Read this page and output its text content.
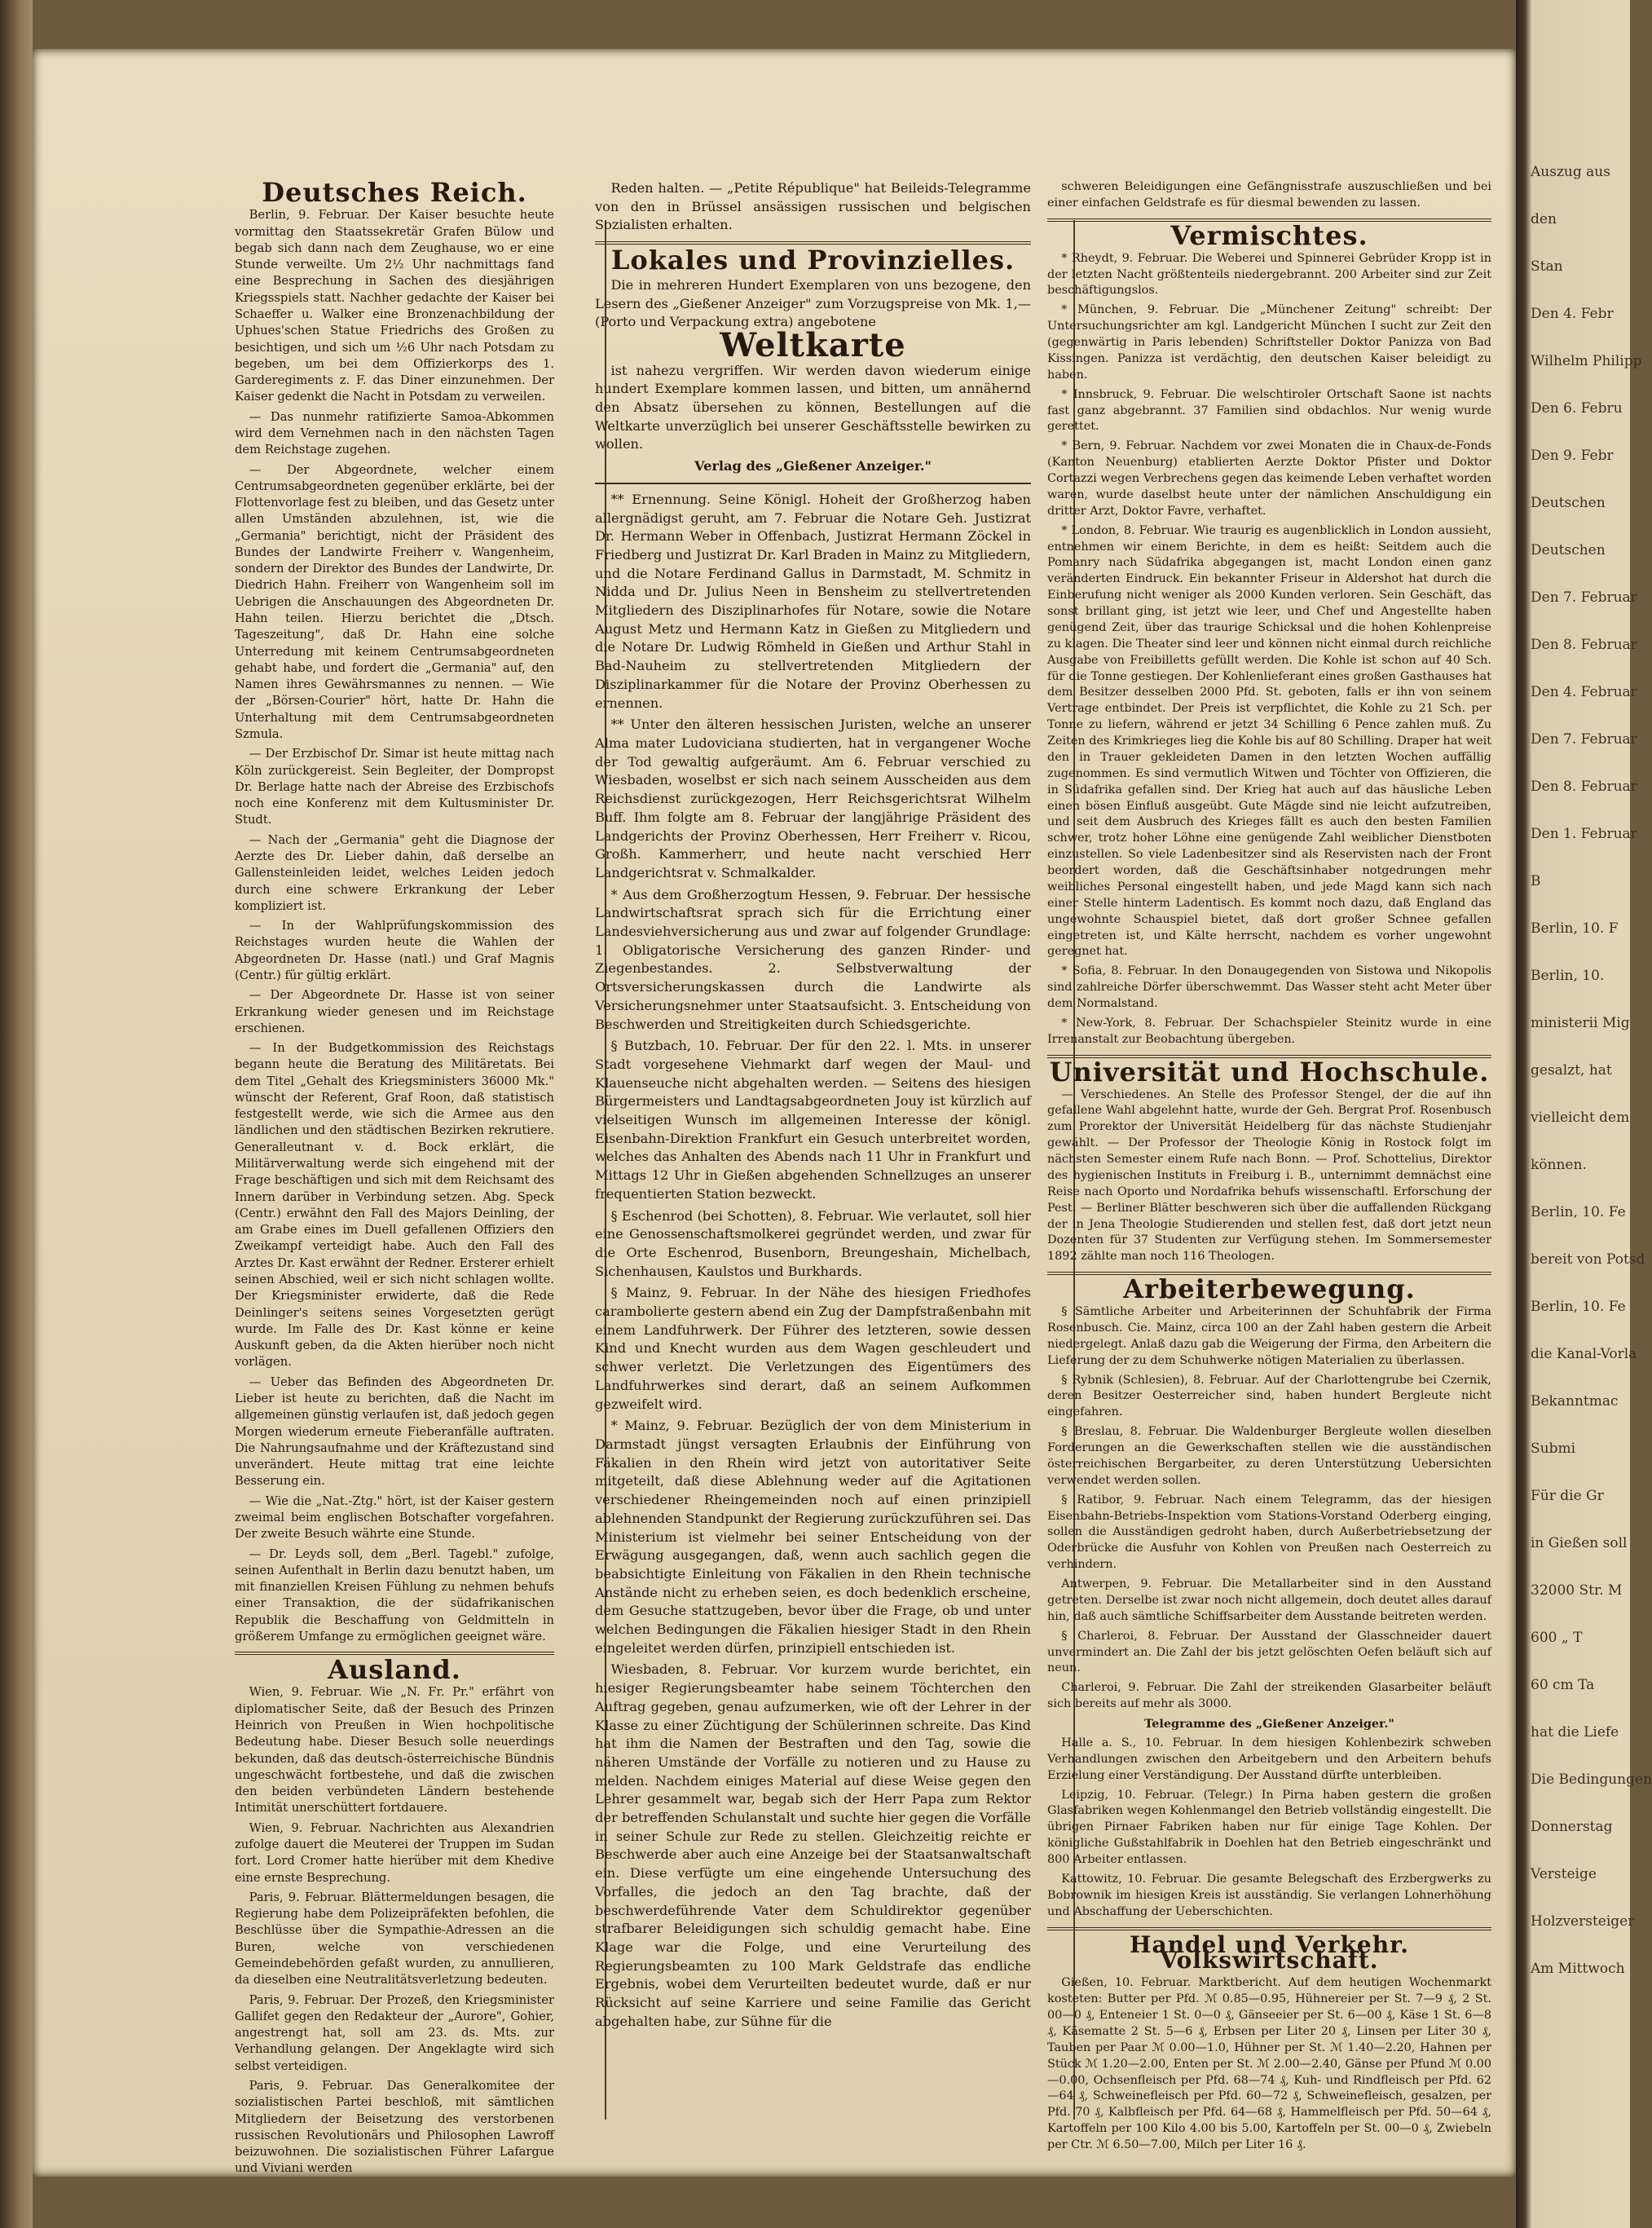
Deutsches Reich.

Berlin, 9. Februar. Der Kaiser besuchte heute vormittag den Staatssekretär Grafen Bülow und begab sich dann nach dem Zeughause, wo er eine Stunde verweilte. Um 2½ Uhr nachmittags fand eine Besprechung in Sachen des diesjährigen Kriegsspiels statt. Nachher gedachte der Kaiser bei Schaeffer u. Walker eine Bronzenachbildung der Uphues'schen Statue Friedrichs des Großen zu besichtigen, und sich um ½6 Uhr nach Potsdam zu begeben, um bei dem Offizierkorps des 1. Garderegiments z. F. das Diner einzunehmen. Der Kaiser gedenkt die Nacht in Potsdam zu verweilen.

— Das nunmehr ratifizierte Samoa-Abkommen wird dem Vernehmen nach in den nächsten Tagen dem Reichstage zugehen.

— Der Abgeordnete, welcher einem Centrumsabgeordneten gegenüber erklärte, bei der Flottenvorlage fest zu bleiben, und das Gesetz unter allen Umständen abzulehnen, ist, wie die „Germania" berichtigt, nicht der Präsident des Bundes der Landwirte Freiherr v. Wangenheim, sondern der Direktor des Bundes der Landwirte, Dr. Diedrich Hahn. Freiherr von Wangenheim soll im Uebrigen die Anschauungen des Abgeordneten Dr. Hahn teilen. Hierzu berichtet die „Dtsch. Tageszeitung", daß Dr. Hahn eine solche Unterredung mit keinem Centrumsabgeordneten gehabt habe, und fordert die „Germania" auf, den Namen ihres Gewährsmannes zu nennen. — Wie der „Börsen-Courier" hört, hatte Dr. Hahn die Unterhaltung mit dem Centrumsabgeordneten Szmula.

— Der Erzbischof Dr. Simar ist heute mittag nach Köln zurückgereist. Sein Begleiter, der Dompropst Dr. Berlage hatte nach der Abreise des Erzbischofs noch eine Konferenz mit dem Kultusminister Dr. Studt.

— Nach der „Germania" geht die Diagnose der Aerzte des Dr. Lieber dahin, daß derselbe an Gallensteinleiden leidet, welches Leiden jedoch durch eine schwere Erkrankung der Leber kompliziert ist.

— In der Wahlprüfungskommission des Reichstages wurden heute die Wahlen der Abgeordneten Dr. Hasse (natl.) und Graf Magnis (Centr.) für gültig erklärt.

— Der Abgeordnete Dr. Hasse ist von seiner Erkrankung wieder genesen und im Reichstage erschienen.

— In der Budgetkommission des Reichstags begann heute die Beratung des Militäretats. Bei dem Titel „Gehalt des Kriegsministers 36000 Mk." wünscht der Referent, Graf Roon, daß statistisch festgestellt werde, wie sich die Armee aus den ländlichen und den städtischen Bezirken rekrutiere. Generalleutnant v. d. Bock erklärt, die Militärverwaltung werde sich eingehend mit der Frage beschäftigen und sich mit dem Reichsamt des Innern darüber in Verbindung setzen. Abg. Speck (Centr.) erwähnt den Fall des Majors Deinling, der am Grabe eines im Duell gefallenen Offiziers den Zweikampf verteidigt habe. Auch den Fall des Arztes Dr. Kast erwähnt der Redner. Ersterer erhielt seinen Abschied, weil er sich nicht schlagen wollte. Der Kriegsminister erwiderte, daß die Rede Deinlinger's seitens seines Vorgesetzten gerügt wurde. Im Falle des Dr. Kast könne er keine Auskunft geben, da die Akten hierüber noch nicht vorlägen.

— Ueber das Befinden des Abgeordneten Dr. Lieber ist heute zu berichten, daß die Nacht im allgemeinen günstig verlaufen ist, daß jedoch gegen Morgen wiederum erneute Fieberanfälle auftraten. Die Nahrungsaufnahme und der Kräftezustand sind unverändert. Heute mittag trat eine leichte Besserung ein.

— Wie die „Nat.-Ztg." hört, ist der Kaiser gestern zweimal beim englischen Botschafter vorgefahren. Der zweite Besuch währte eine Stunde.

— Dr. Leyds soll, dem „Berl. Tagebl." zufolge, seinen Aufenthalt in Berlin dazu benutzt haben, um mit finanziellen Kreisen Fühlung zu nehmen behufs einer Transaktion, die der südafrikanischen Republik die Beschaffung von Geldmitteln in größerem Umfange zu ermöglichen geeignet wäre.

Ausland.

Wien, 9. Februar. Wie „N. Fr. Pr." erfährt von diplomatischer Seite, daß der Besuch des Prinzen Heinrich von Preußen in Wien hochpolitische Bedeutung habe. Dieser Besuch solle neuerdings bekunden, daß das deutsch-österreichische Bündnis ungeschwächt fortbestehe, und daß die zwischen den beiden verbündeten Ländern bestehende Intimität unerschüttert fortdauere.

Wien, 9. Februar. Nachrichten aus Alexandrien zufolge dauert die Meuterei der Truppen im Sudan fort. Lord Cromer hatte hierüber mit dem Khedive eine ernste Besprechung.

Paris, 9. Februar. Blättermeldungen besagen, die Regierung habe dem Polizeipräfekten befohlen, die Beschlüsse über die Sympathie-Adressen an die Buren, welche von verschiedenen Gemeindebehörden gefaßt wurden, zu annullieren, da dieselben eine Neutralitätsverletzung bedeuten.

Paris, 9. Februar. Der Prozeß, den Kriegsminister Gallifet gegen den Redakteur der „Aurore", Gohier, angestrengt hat, soll am 23. ds. Mts. zur Verhandlung gelangen. Der Angeklagte wird sich selbst verteidigen.

Paris, 9. Februar. Das Generalkomitee der sozialistischen Partei beschloß, mit sämtlichen Mitgliedern der Beisetzung des verstorbenen russischen Revolutionärs und Philosophen Lawroff beizuwohnen. Die sozialistischen Führer Lafargue und Viviani werden

Reden halten. — „Petite République" hat Beileids-Telegramme von den in Brüssel ansässigen russischen und belgischen Sozialisten erhalten.

Lokales und Provinzielles.

Die in mehreren Hundert Exemplaren von uns bezogene, den Lesern des „Gießener Anzeiger" zum Vorzugspreise von Mk. 1,— (Porto und Verpackung extra) angebotene

Weltkarte

ist nahezu vergriffen. Wir werden davon wiederum einige hundert Exemplare kommen lassen, und bitten, um annähernd den Absatz übersehen zu können, Bestellungen auf die Weltkarte unverzüglich bei unserer Geschäftsstelle bewirken zu wollen.

Verlag des „Gießener Anzeiger."

** Ernennung. Seine Königl. Hoheit der Großherzog haben allergnädigst geruht, am 7. Februar die Notare Geh. Justizrat Dr. Hermann Weber in Offenbach, Justizrat Hermann Zöckel in Friedberg und Justizrat Dr. Karl Braden in Mainz zu Mitgliedern, und die Notare Ferdinand Gallus in Darmstadt, M. Schmitz in Nidda und Dr. Julius Neen in Bensheim zu stellvertretenden Mitgliedern des Disziplinarhofes für Notare, sowie die Notare August Metz und Hermann Katz in Gießen zu Mitgliedern und die Notare Dr. Ludwig Römheld in Gießen und Arthur Stahl in Bad-Nauheim zu stellvertretenden Mitgliedern der Disziplinarkammer für die Notare der Provinz Oberhessen zu ernennen.

** Unter den älteren hessischen Juristen, welche an unserer Alma mater Ludoviciana studierten, hat in vergangener Woche der Tod gewaltig aufgeräumt. Am 6. Februar verschied zu Wiesbaden, woselbst er sich nach seinem Ausscheiden aus dem Reichsdienst zurückgezogen, Herr Reichsgerichtsrat Wilhelm Buff. Ihm folgte am 8. Februar der langjährige Präsident des Landgerichts der Provinz Oberhessen, Herr Freiherr v. Ricou, Großh. Kammerherr, und heute nacht verschied Herr Landgerichtsrat v. Schmalkalder.

* Aus dem Großherzogtum Hessen, 9. Februar. Der hessische Landwirtschaftsrat sprach sich für die Errichtung einer Landesviehversicherung aus und zwar auf folgender Grundlage: 1. Obligatorische Versicherung des ganzen Rinder- und Ziegenbestandes. 2. Selbstverwaltung der Ortsversicherungskassen durch die Landwirte als Versicherungsnehmer unter Staatsaufsicht. 3. Entscheidung von Beschwerden und Streitigkeiten durch Schiedsgerichte.

§ Butzbach, 10. Februar. Der für den 22. l. Mts. in unserer Stadt vorgesehene Viehmarkt darf wegen der Maul- und Klauenseuche nicht abgehalten werden. — Seitens des hiesigen Bürgermeisters und Landtagsabgeordneten Jouy ist kürzlich auf vielseitigen Wunsch im allgemeinen Interesse der königl. Eisenbahn-Direktion Frankfurt ein Gesuch unterbreitet worden, welches das Anhalten des Abends nach 11 Uhr in Frankfurt und Mittags 12 Uhr in Gießen abgehenden Schnellzuges an unserer frequentierten Station bezweckt.

§ Eschenrod (bei Schotten), 8. Februar. Wie verlautet, soll hier eine Genossenschaftsmolkerei gegründet werden, und zwar für die Orte Eschenrod, Busenborn, Breungeshain, Michelbach, Sichenhausen, Kaulstos und Burkhards.

§ Mainz, 9. Februar. In der Nähe des hiesigen Friedhofes carambolierte gestern abend ein Zug der Dampfstraßenbahn mit einem Landfuhrwerk. Der Führer des letzteren, sowie dessen Kind und Knecht wurden aus dem Wagen geschleudert und schwer verletzt. Die Verletzungen des Eigentümers des Landfuhrwerkes sind derart, daß an seinem Aufkommen gezweifelt wird.

* Mainz, 9. Februar. Bezüglich der von dem Ministerium in Darmstadt jüngst versagten Erlaubnis der Einführung von Fäkalien in den Rhein wird jetzt von autoritativer Seite mitgeteilt, daß diese Ablehnung weder auf die Agitationen verschiedener Rheingemeinden noch auf einen prinzipiell ablehnenden Standpunkt der Regierung zurückzuführen sei. Das Ministerium ist vielmehr bei seiner Entscheidung von der Erwägung ausgegangen, daß, wenn auch sachlich gegen die beabsichtigte Einleitung von Fäkalien in den Rhein technische Anstände nicht zu erheben seien, es doch bedenklich erscheine, dem Gesuche stattzugeben, bevor über die Frage, ob und unter welchen Bedingungen die Fäkalien hiesiger Stadt in den Rhein eingeleitet werden dürfen, prinzipiell entschieden ist.

Wiesbaden, 8. Februar. Vor kurzem wurde berichtet, ein hiesiger Regierungsbeamter habe seinem Töchterchen den Auftrag gegeben, genau aufzumerken, wie oft der Lehrer in der Klasse zu einer Züchtigung der Schülerinnen schreite. Das Kind hat ihm die Namen der Bestraften und den Tag, sowie die näheren Umstände der Vorfälle zu notieren und zu Hause zu melden. Nachdem einiges Material auf diese Weise gegen den Lehrer gesammelt war, begab sich der Herr Papa zum Rektor der betreffenden Schulanstalt und suchte hier gegen die Vorfälle in seiner Schule zur Rede zu stellen. Gleichzeitig reichte er Beschwerde aber auch eine Anzeige bei der Staatsanwaltschaft ein. Diese verfügte um eine eingehende Untersuchung des Vorfalles, die jedoch an den Tag brachte, daß der beschwerdeführende Vater dem Schuldirektor gegenüber strafbarer Beleidigungen sich schuldig gemacht habe. Eine Klage war die Folge, und eine Verurteilung des Regierungsbeamten zu 100 Mark Geldstrafe das endliche Ergebnis, wobei dem Verurteilten bedeutet wurde, daß er nur Rücksicht auf seine Karriere und seine Familie das Gericht abgehalten habe, zur Sühne für die

schweren Beleidigungen eine Gefängnisstrafe auszuschließen und bei einer einfachen Geldstrafe es für diesmal bewenden zu lassen.

Vermischtes.

* Rheydt, 9. Februar. Die Weberei und Spinnerei Gebrüder Kropp ist in der letzten Nacht größtenteils niedergebrannt. 200 Arbeiter sind zur Zeit beschäftigungslos.

* München, 9. Februar. Die „Münchener Zeitung" schreibt: Der Untersuchungsrichter am kgl. Landgericht München I sucht zur Zeit den (gegenwärtig in Paris lebenden) Schriftsteller Doktor Panizza von Bad Kissingen. Panizza ist verdächtig, den deutschen Kaiser beleidigt zu haben.

* Innsbruck, 9. Februar. Die welschtiroler Ortschaft Saone ist nachts fast ganz abgebrannt. 37 Familien sind obdachlos. Nur wenig wurde gerettet.

* Bern, 9. Februar. Nachdem vor zwei Monaten die in Chaux-de-Fonds (Kanton Neuenburg) etablierten Aerzte Doktor Pfister und Doktor Cortazzi wegen Verbrechens gegen das keimende Leben verhaftet worden waren, wurde daselbst heute unter der nämlichen Anschuldigung ein dritter Arzt, Doktor Favre, verhaftet.

* London, 8. Februar. Wie traurig es augenblicklich in London aussieht, entnehmen wir einem Berichte, in dem es heißt: Seitdem auch die Pomanry nach Südafrika abgegangen ist, macht London einen ganz veränderten Eindruck. Ein bekannter Friseur in Aldershot hat durch die Einberufung nicht weniger als 2000 Kunden verloren. Sein Geschäft, das sonst brillant ging, ist jetzt wie leer, und Chef und Angestellte haben genügend Zeit, über das traurige Schicksal und die hohen Kohlenpreise zu klagen. Die Theater sind leer und können nicht einmal durch reichliche Ausgabe von Freibilletts gefüllt werden. Die Kohle ist schon auf 40 Sch. für die Tonne gestiegen. Der Kohlenlieferant eines großen Gasthauses hat dem Besitzer desselben 2000 Pfd. St. geboten, falls er ihn von seinem Vertrage entbindet. Der Preis ist verpflichtet, die Kohle zu 21 Sch. per Tonne zu liefern, während er jetzt 34 Schilling 6 Pence zahlen muß. Zu Zeiten des Krimkrieges lieg die Kohle bis auf 80 Schilling. Draper hat weit den in Trauer gekleideten Damen in den letzten Wochen auffällig zugenommen. Es sind vermutlich Witwen und Töchter von Offizieren, die in Südafrika gefallen sind. Der Krieg hat auch auf das häusliche Leben einen bösen Einfluß ausgeübt. Gute Mägde sind nie leicht aufzutreiben, und seit dem Ausbruch des Krieges fällt es auch den besten Familien schwer, trotz hoher Löhne eine genügende Zahl weiblicher Dienstboten einzustellen. So viele Ladenbesitzer sind als Reservisten nach der Front beordert worden, daß die Geschäftsinhaber notgedrungen mehr weibliches Personal eingestellt haben, und jede Magd kann sich nach einer Stelle hinterm Ladentisch. Es kommt noch dazu, daß England das ungewohnte Schauspiel bietet, daß dort großer Schnee gefallen eingetreten ist, und Kälte herrscht, nachdem es vorher ungewohnt geregnet hat.

* Sofia, 8. Februar. In den Donaugegenden von Sistowa und Nikopolis sind zahlreiche Dörfer überschwemmt. Das Wasser steht acht Meter über dem Normalstand.

* New-York, 8. Februar. Der Schachspieler Steinitz wurde in eine Irrenanstalt zur Beobachtung übergeben.

Universität und Hochschule.

— Verschiedenes. An Stelle des Professor Stengel, der die auf ihn gefallene Wahl abgelehnt hatte, wurde der Geh. Bergrat Prof. Rosenbusch zum Prorektor der Universität Heidelberg für das nächste Studienjahr gewählt. — Der Professor der Theologie König in Rostock folgt im nächsten Semester einem Rufe nach Bonn. — Prof. Schottelius, Direktor des hygienischen Instituts in Freiburg i. B., unternimmt demnächst eine Reise nach Oporto und Nordafrika behufs wissenschaftl. Erforschung der Pest. — Berliner Blätter beschweren sich über die auffallenden Rückgang der in Jena Theologie Studierenden und stellen fest, daß dort jetzt neun Dozenten für 37 Studenten zur Verfügung stehen. Im Sommersemester 1892 zählte man noch 116 Theologen.

Arbeiterbewegung.

§ Sämtliche Arbeiter und Arbeiterinnen der Schuhfabrik der Firma Rosenbusch. Cie. Mainz, circa 100 an der Zahl haben gestern die Arbeit niedergelegt. Anlaß dazu gab die Weigerung der Firma, den Arbeitern die Lieferung der zu dem Schuhwerke nötigen Materialien zu überlassen.

§ Rybnik (Schlesien), 8. Februar. Auf der Charlottengrube bei Czernik, deren Besitzer Oesterreicher sind, haben hundert Bergleute nicht eingefahren.

§ Breslau, 8. Februar. Die Waldenburger Bergleute wollen dieselben Forderungen an die Gewerkschaften stellen wie die ausständischen österreichischen Bergarbeiter, zu deren Unterstützung Uebersichten verwendet werden sollen.

§ Ratibor, 9. Februar. Nach einem Telegramm, das der hiesigen Eisenbahn-Betriebs-Inspektion vom Stations-Vorstand Oderberg einging, sollen die Ausständigen gedroht haben, durch Außerbetriebsetzung der Oderbrücke die Ausfuhr von Kohlen von Preußen nach Oesterreich zu verhindern.

Antwerpen, 9. Februar. Die Metallarbeiter sind in den Ausstand getreten. Derselbe ist zwar noch nicht allgemein, doch deutet alles darauf hin, daß auch sämtliche Schiffsarbeiter dem Ausstande beitreten werden.

§ Charleroi, 8. Februar. Der Ausstand der Glasschneider dauert unvermindert an. Die Zahl der bis jetzt gelöschten Oefen beläuft sich auf neun.

Charleroi, 9. Februar. Die Zahl der streikenden Glasarbeiter beläuft sich bereits auf mehr als 3000.

Telegramme des „Gießener Anzeiger."

Halle a. S., 10. Februar. In dem hiesigen Kohlenbezirk schweben Verhandlungen zwischen den Arbeitgebern und den Arbeitern behufs Erzielung einer Verständigung. Der Ausstand dürfte unterbleiben.

Leipzig, 10. Februar. (Telegr.) In Pirna haben gestern die großen Glasfabriken wegen Kohlenmangel den Betrieb vollständig eingestellt. Die übrigen Pirnaer Fabriken haben nur für einige Tage Kohlen. Der königliche Gußstahlfabrik in Doehlen hat den Betrieb eingeschränkt und 800 Arbeiter entlassen.

Kattowitz, 10. Februar. Die gesamte Belegschaft des Erzbergwerks zu Bobrownik im hiesigen Kreis ist ausständig. Sie verlangen Lohnerhöhung und Abschaffung der Ueberschichten.

Handel und Verkehr. Volkswirtschaft.

Gießen, 10. Februar. Marktbericht. Auf dem heutigen Wochenmarkt kosteten: Butter per Pfd. ℳ 0.85—0.95, Hühnereier per St. 7—9 ₰, 2 St. 00—0 ₰, Enteneier 1 St. 0—0 ₰, Gänseeier per St. 6—00 ₰, Käse 1 St. 6—8 ₰, Käsematte 2 St. 5—6 ₰, Erbsen per Liter 20 ₰, Linsen per Liter 30 ₰, Tauben per Paar ℳ 0.00—1.0, Hühner per St. ℳ 1.40—2.20, Hahnen per Stück ℳ 1.20—2.00, Enten per St. ℳ 2.00—2.40, Gänse per Pfund ℳ 0.00—0.00, Ochsenfleisch per Pfd. 68—74 ₰, Kuh- und Rindfleisch per Pfd. 62—64 ₰, Schweinefleisch per Pfd. 60—72 ₰, Schweinefleisch, gesalzen, per Pfd. 70 ₰, Kalbfleisch per Pfd. 64—68 ₰, Hammelfleisch per Pfd. 50—64 ₰, Kartoffeln per 100 Kilo 4.00 bis 5.00, Kartoffeln per St. 00—0 ₰, Zwiebeln per Ctr. ℳ 6.50—7.00, Milch per Liter 16 ₰.

Auszug aus
den
Stan
Den 4. Febr
Wilhelm Philipp
Den 6. Febru
Den 9. Febr
Deutschen
Deutschen
Den 7. Februar
Den 8. Februar
Den 4. Februar
Den 7. Februar
Den 8. Februar
Den 1. Februar
B
Berlin, 10. F
Berlin, 10.
ministerii Mig
gesalzt, hat
vielleicht dem
können.
Berlin, 10. Fe
bereit von Potsd
Berlin, 10. Fe
die Kanal-Vorla
Bekanntmac
Submi
Für die Gr
in Gießen soll
32000 Str. M
600 „ T
60 cm Ta
hat die Liefe
Die Bedingungen
Donnerstag
Versteige
Holzversteiger
Am Mittwoch
